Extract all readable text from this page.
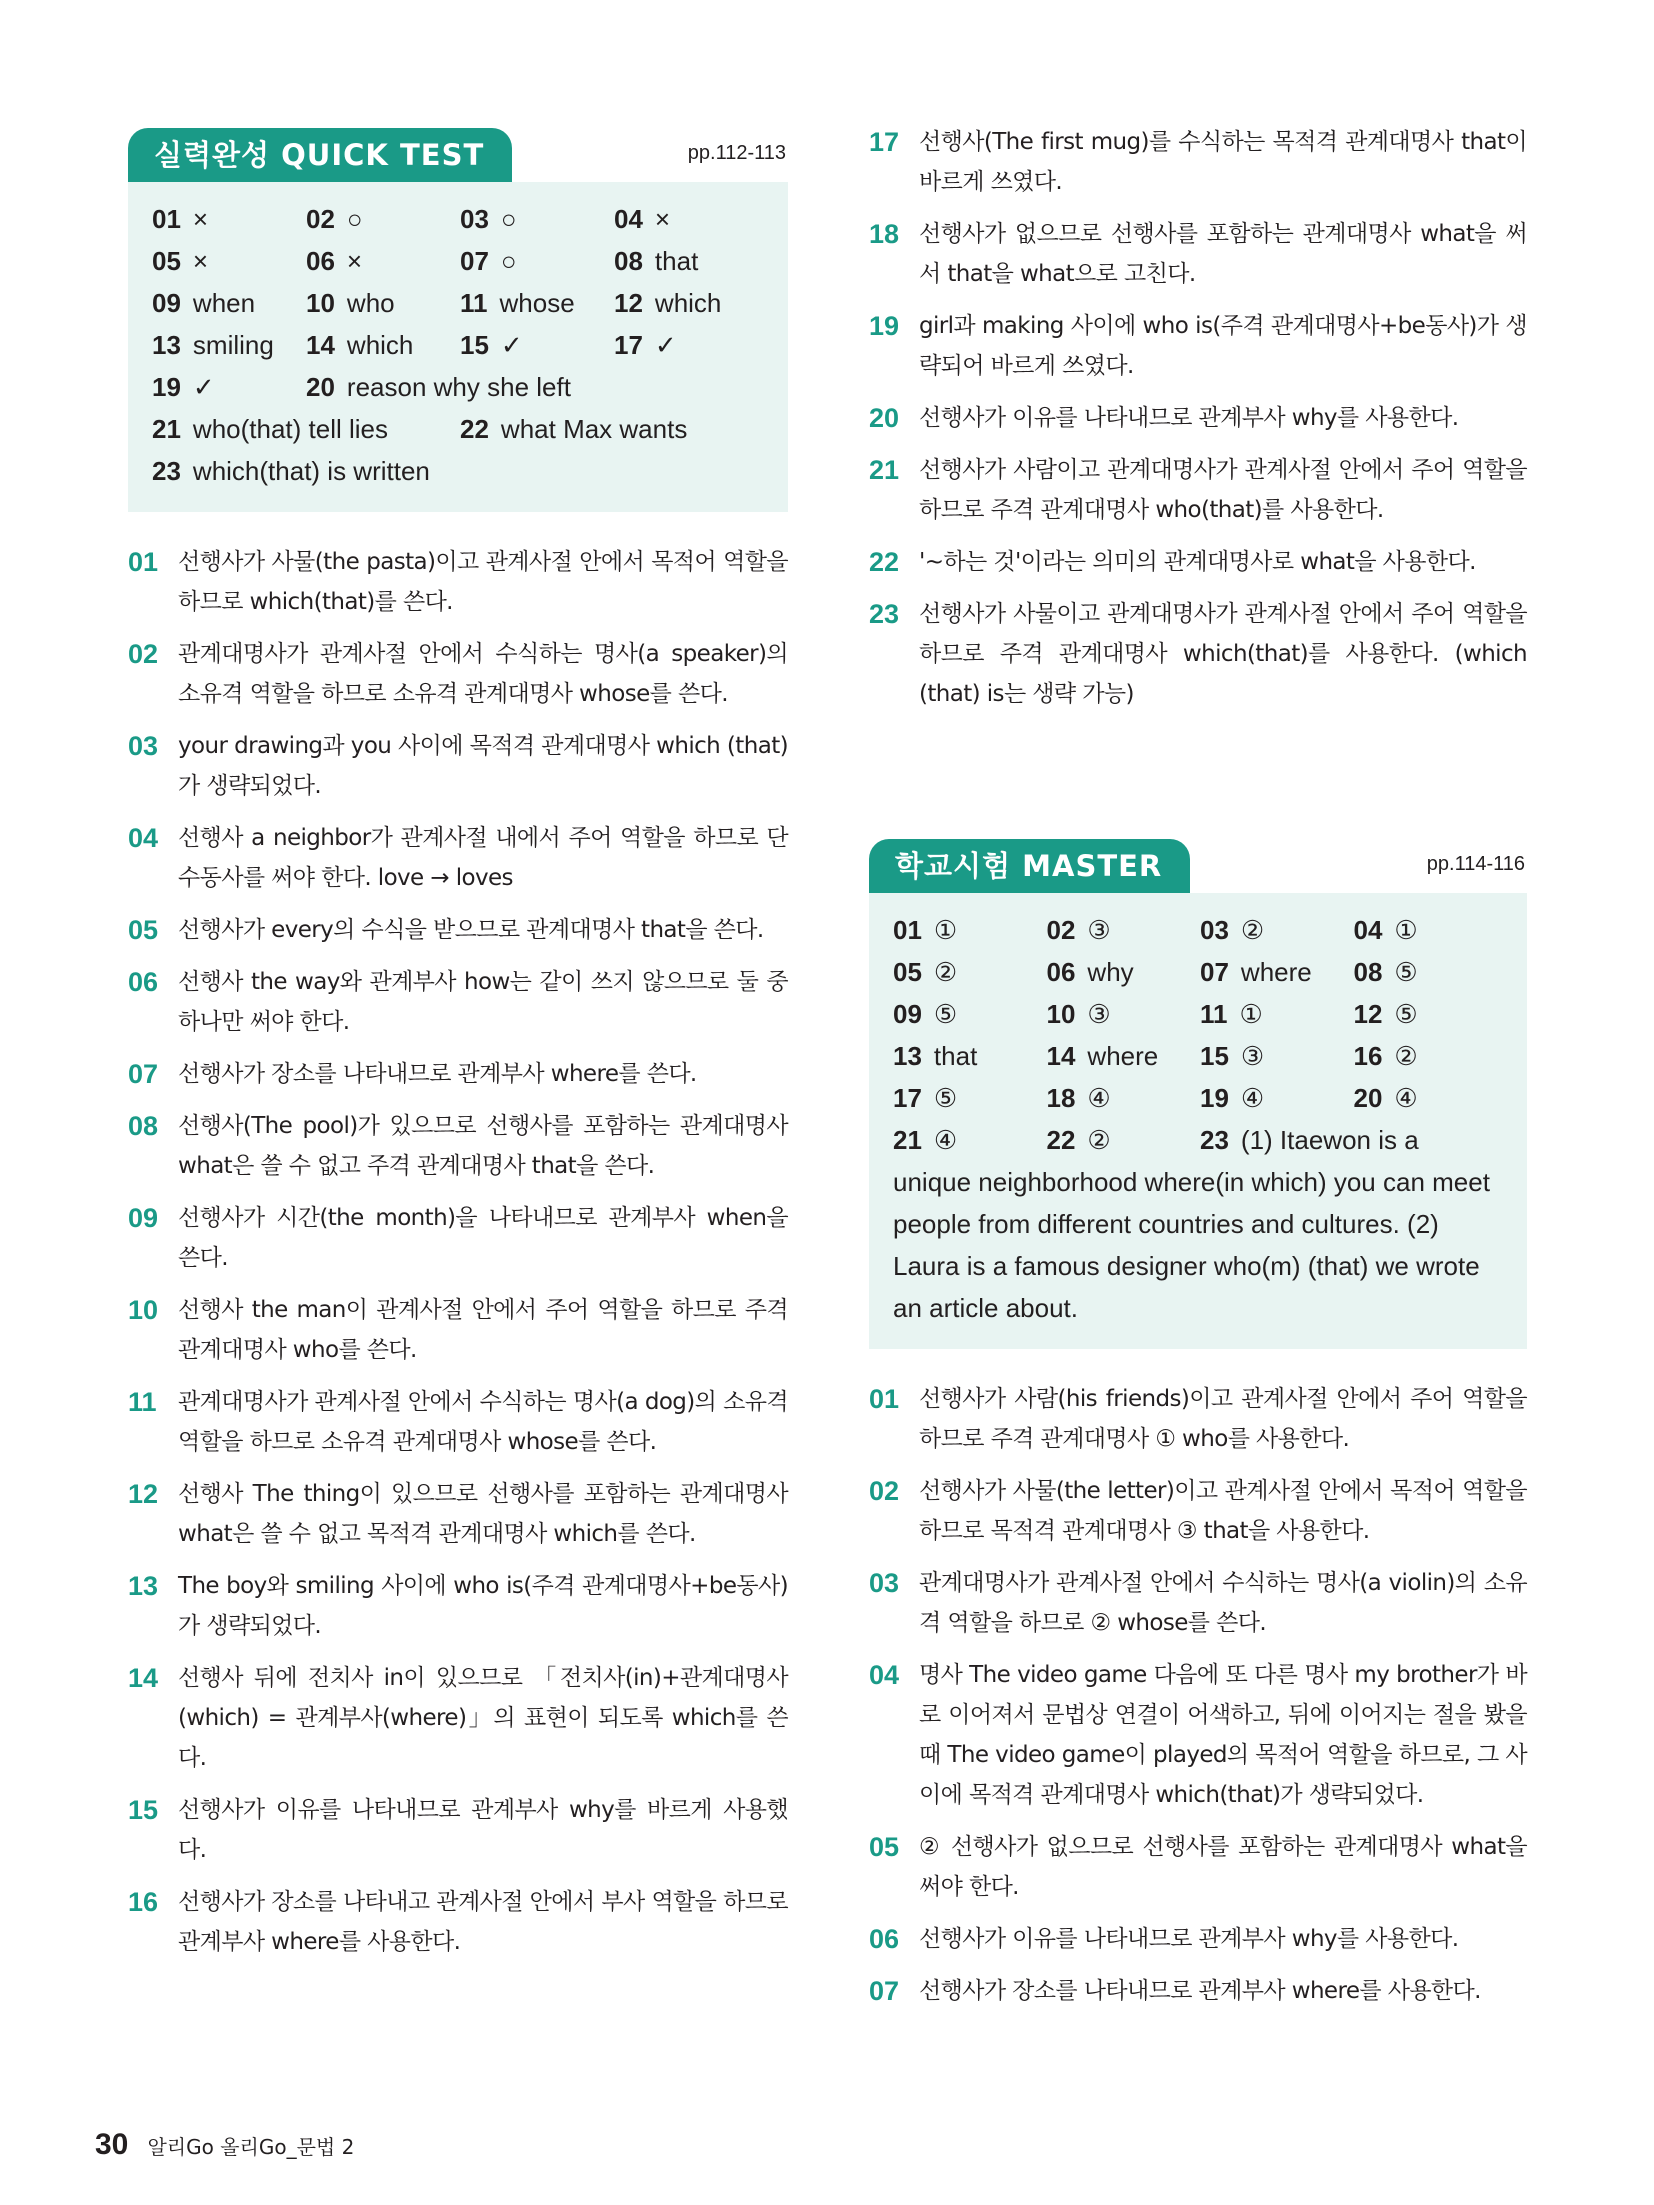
실력완성 QUICK TEST	pp.112-113
01 ×	02 ○	03 ○	04 ×
05 ×	06 ×	07 ○	08 that
09 when	10 who	11 whose	12 which
13 smiling	14 which	15 ✓	17 ✓
19 ✓	20 reason why she left
21 who(that) tell lies	22 what Max wants
23 which(that) is written
01 선행사가 사물(the pasta)이고 관계사절 안에서 목적어 역할을 하므로 which(that)를 쓴다.
02 관계대명사가 관계사절 안에서 수식하는 명사(a speaker)의 소유격 역할을 하므로 소유격 관계대명사 whose를 쓴다.
03 your drawing과 you 사이에 목적격 관계대명사 which (that)가 생략되었다.
04 선행사 a neighbor가 관계사절 내에서 주어 역할을 하므로 단수동사를 써야 한다. love → loves
05 선행사가 every의 수식을 받으므로 관계대명사 that을 쓴다.
06 선행사 the way와 관계부사 how는 같이 쓰지 않으므로 둘 중 하나만 써야 한다.
07 선행사가 장소를 나타내므로 관계부사 where를 쓴다.
08 선행사(The pool)가 있으므로 선행사를 포함하는 관계대명사 what은 쓸 수 없고 주격 관계대명사 that을 쓴다.
09 선행사가 시간(the month)을 나타내므로 관계부사 when을 쓴다.
10 선행사 the man이 관계사절 안에서 주어 역할을 하므로 주격 관계대명사 who를 쓴다.
11 관계대명사가 관계사절 안에서 수식하는 명사(a dog)의 소유격 역할을 하므로 소유격 관계대명사 whose를 쓴다.
12 선행사 The thing이 있으므로 선행사를 포함하는 관계대명사 what은 쓸 수 없고 목적격 관계대명사 which를 쓴다.
13 The boy와 smiling 사이에 who is(주격 관계대명사+be동사)가 생략되었다.
14 선행사 뒤에 전치사 in이 있으므로 「전치사(in)+관계대명사(which) = 관계부사(where)」의 표현이 되도록 which를 쓴다.
15 선행사가 이유를 나타내므로 관계부사 why를 바르게 사용했다.
16 선행사가 장소를 나타내고 관계사절 안에서 부사 역할을 하므로 관계부사 where를 사용한다.
17 선행사(The first mug)를 수식하는 목적격 관계대명사 that이 바르게 쓰였다.
18 선행사가 없으므로 선행사를 포함하는 관계대명사 what을 써서 that을 what으로 고친다.
19 girl과 making 사이에 who is(주격 관계대명사+be동사)가 생략되어 바르게 쓰였다.
20 선행사가 이유를 나타내므로 관계부사 why를 사용한다.
21 선행사가 사람이고 관계대명사가 관계사절 안에서 주어 역할을 하므로 주격 관계대명사 who(that)를 사용한다.
22 '~하는 것'이라는 의미의 관계대명사로 what을 사용한다.
23 선행사가 사물이고 관계대명사가 관계사절 안에서 주어 역할을 하므로 주격 관계대명사 which(that)를 사용한다. (which (that) is는 생략 가능)
학교시험 MASTER	pp.114-116
01 ①	02 ③	03 ②	04 ①
05 ②	06 why	07 where	08 ⑤
09 ⑤	10 ③	11 ①	12 ⑤
13 that	14 where	15 ③	16 ②
17 ⑤	18 ④	19 ④	20 ④
21 ④	22 ②	23 (1) Itaewon is a
unique neighborhood where(in which) you can meet people from different countries and cultures. (2) Laura is a famous designer who(m) (that) we wrote an article about.
01 선행사가 사람(his friends)이고 관계사절 안에서 주어 역할을 하므로 주격 관계대명사 ① who를 사용한다.
02 선행사가 사물(the letter)이고 관계사절 안에서 목적어 역할을 하므로 목적격 관계대명사 ③ that을 사용한다.
03 관계대명사가 관계사절 안에서 수식하는 명사(a violin)의 소유격 역할을 하므로 ② whose를 쓴다.
04 명사 The video game 다음에 또 다른 명사 my brother가 바로 이어져서 문법상 연결이 어색하고, 뒤에 이어지는 절을 봤을 때 The video game이 played의 목적어 역할을 하므로, 그 사이에 목적격 관계대명사 which(that)가 생략되었다.
05 ② 선행사가 없으므로 선행사를 포함하는 관계대명사 what을 써야 한다.
06 선행사가 이유를 나타내므로 관계부사 why를 사용한다.
07 선행사가 장소를 나타내므로 관계부사 where를 사용한다.
30 알리Go 올리Go_문법 2
